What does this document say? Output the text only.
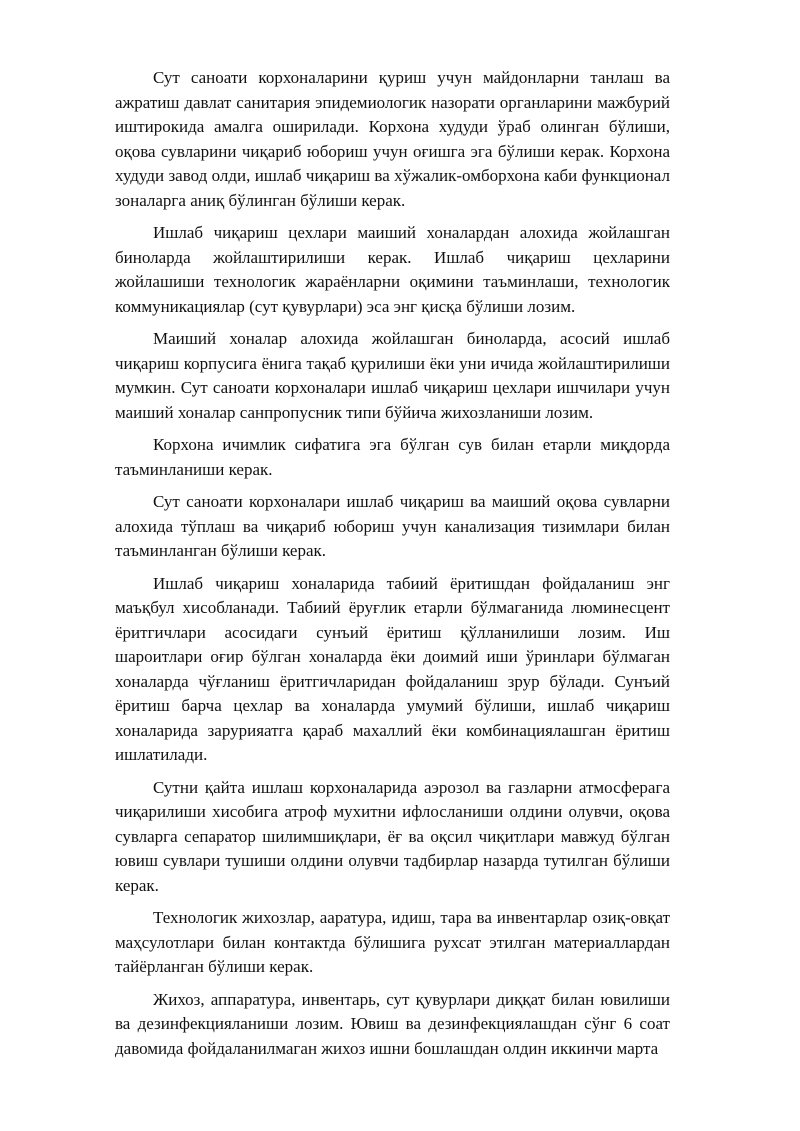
Сут саноати корхоналарини қуриш учун майдонларни танлаш ва ажратиш давлат санитария эпидемиологик назорати органларини мажбурий иштирокида амалга оширилади. Корхона худуди ўраб олинган бўлиши, оқова сувларини чиқариб юбориш учун оғишга эга бўлиши керак. Корхона худуди завод олди, ишлаб чиқариш ва хўжалик-омборхона каби функционал зоналарга аниқ бўлинган бўлиши керак.

Ишлаб чиқариш цехлари маиший хоналардан алохида жойлашган биноларда жойлаштирилиши керак. Ишлаб чиқариш цехларини жойлашиши технологик жараёнларни оқимини таъминлаши, технологик коммуникациялар (сут қувурлари) эса энг қисқа бўлиши лозим.

Маиший хоналар алохида жойлашган биноларда, асосий ишлаб чиқариш корпусига ёнига тақаб қурилиши ёки уни ичида жойлаштирилиши мумкин. Сут саноати корхоналари ишлаб чиқариш цехлари ишчилари учун маиший хоналар санпропусник типи бўйича жихозланиши лозим.

Корхона ичимлик сифатига эга бўлган сув билан етарли миқдорда таъминланиши керак.

Сут саноати корхоналари ишлаб чиқариш ва маиший оқова сувларни алохида тўплаш ва чиқариб юбориш учун канализация тизимлари билан таъминланган бўлиши керак.

Ишлаб чиқариш хоналарида табиий ёритишдан фойдаланиш энг маъқбул хисобланади. Табиий ёруғлик етарли бўлмаганида люминесцент ёритгичлари асосидаги сунъий ёритиш қўлланилиши лозим. Иш шароитлари оғир бўлган хоналарда ёки доимий иши ўринлари бўлмаган хоналарда чўғланиш ёритгичларидан фойдаланиш зрур бўлади. Сунъий ёритиш барча цехлар ва хоналарда умумий бўлиши, ишлаб чиқариш хоналарида зарурияатга қараб махаллий ёки комбинациялашган ёритиш ишлатилади.

Сутни қайта ишлаш корхоналарида аэрозол ва газларни атмосферага чиқарилиши хисобига атроф мухитни ифлосланиши олдини олувчи, оқова сувларга сепаратор шилимшиқлари, ёғ ва оқсил чиқитлари мавжуд бўлган ювиш сувлари тушиши олдини олувчи тадбирлар назарда тутилган бўлиши керак.

Технологик жихозлар, ааратура, идиш, тара ва инвентарлар озиқ-овқат маҳсулотлари билан контактда бўлишига рухсат этилган материаллардан тайёрланган бўлиши керак.

Жихоз, аппаратура, инвентарь, сут қувурлари диққат билан ювилиши ва дезинфекцияланиши лозим. Ювиш ва дезинфекциялашдан сўнг 6 соат давомида фойдаланилмаган жихоз ишни бошлашдан олдин иккинчи марта
